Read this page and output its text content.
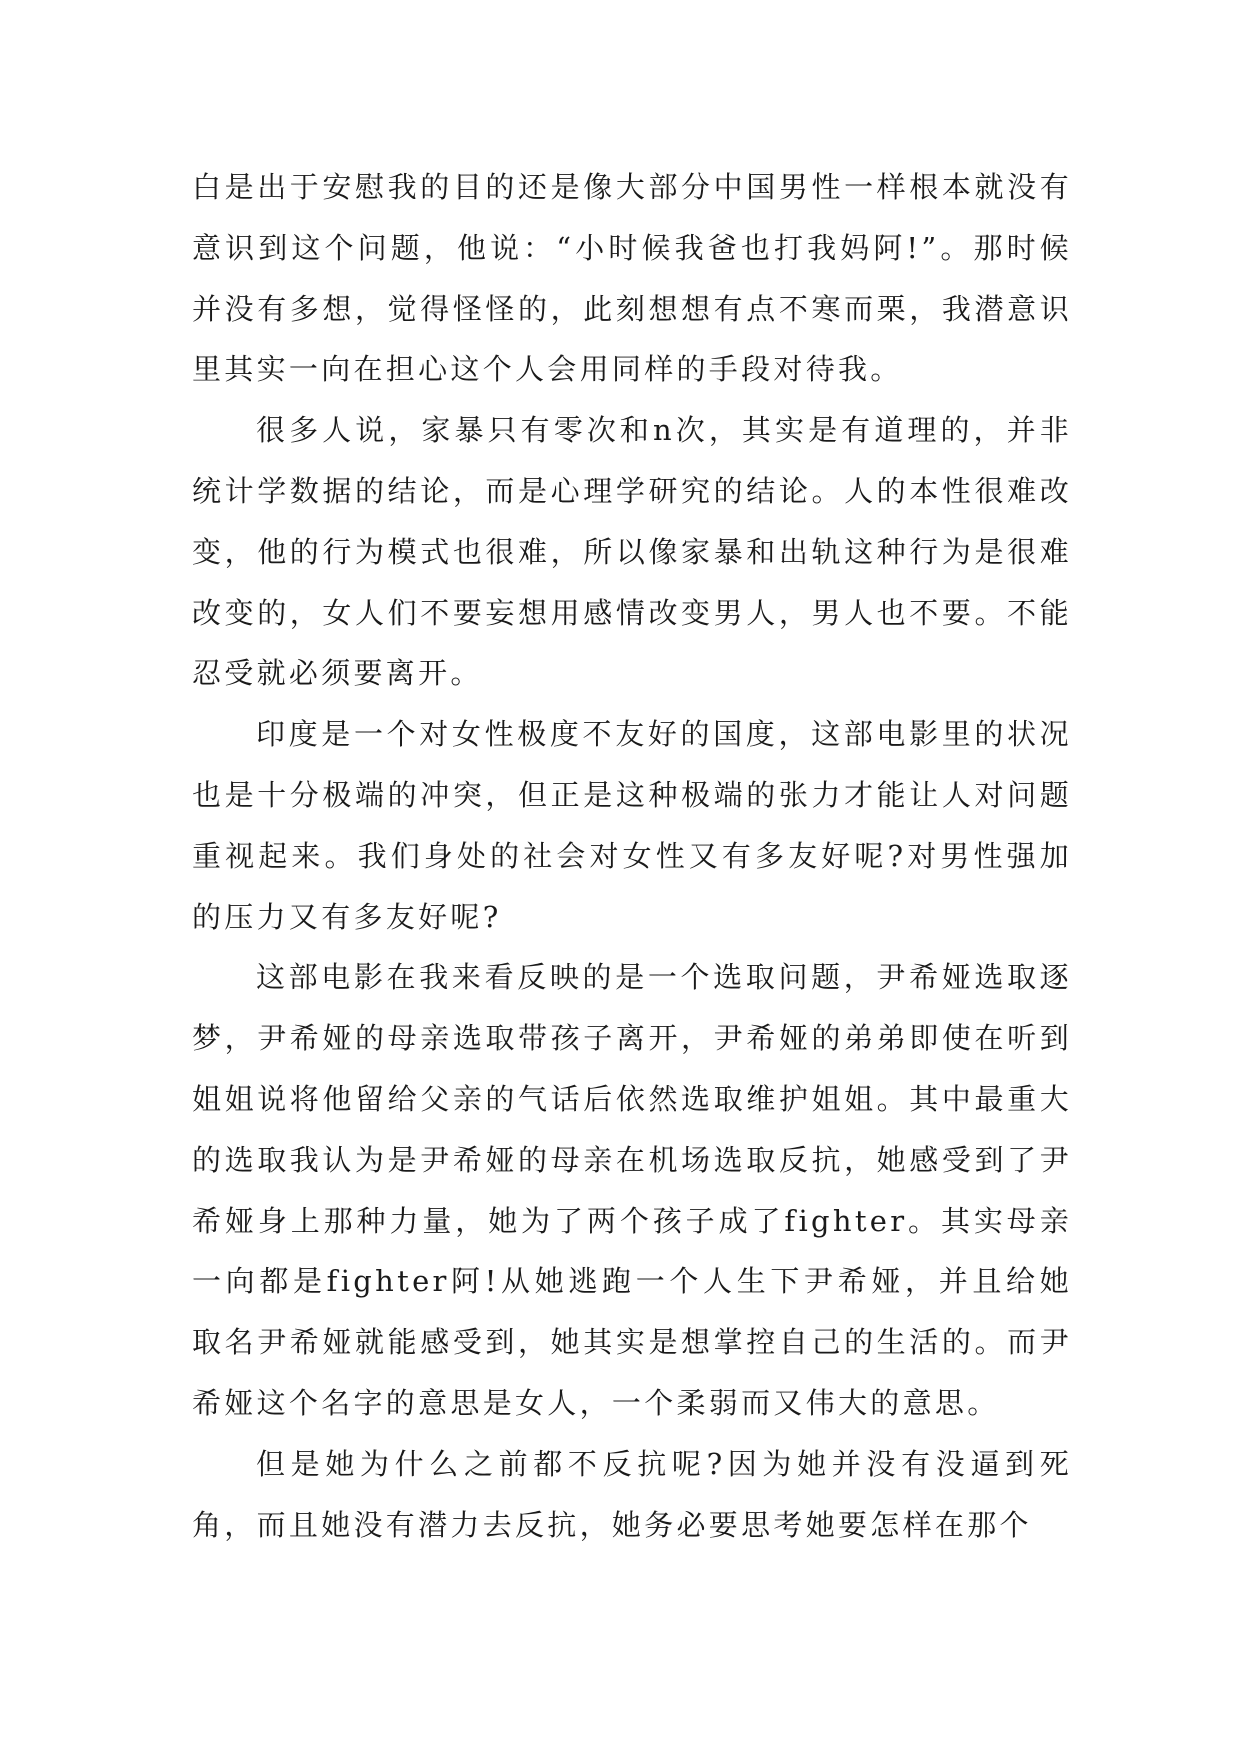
白是出于安慰我的目的还是像大部分中国男性一样根本就没有意识到这个问题，他说：“小时候我爸也打我妈阿!”。那时候并没有多想，觉得怪怪的，此刻想想有点不寒而栗，我潜意识里其实一向在担心这个人会用同样的手段对待我。

很多人说，家暴只有零次和n次，其实是有道理的，并非统计学数据的结论，而是心理学研究的结论。人的本性很难改变，他的行为模式也很难，所以像家暴和出轨这种行为是很难改变的，女人们不要妄想用感情改变男人，男人也不要。不能忍受就必须要离开。

印度是一个对女性极度不友好的国度，这部电影里的状况也是十分极端的冲突，但正是这种极端的张力才能让人对问题重视起来。我们身处的社会对女性又有多友好呢?对男性强加的压力又有多友好呢?

这部电影在我来看反映的是一个选取问题，尹希娅选取逐梦，尹希娅的母亲选取带孩子离开，尹希娅的弟弟即使在听到姐姐说将他留给父亲的气话后依然选取维护姐姐。其中最重大的选取我认为是尹希娅的母亲在机场选取反抗，她感受到了尹希娅身上那种力量，她为了两个孩子成了fighter。其实母亲一向都是fighter阿!从她逃跑一个人生下尹希娅，并且给她取名尹希娅就能感受到，她其实是想掌控自己的生活的。而尹希娅这个名字的意思是女人，一个柔弱而又伟大的意思。

但是她为什么之前都不反抗呢?因为她并没有没逼到死角，而且她没有潜力去反抗，她务必要思考她要怎样在那个
